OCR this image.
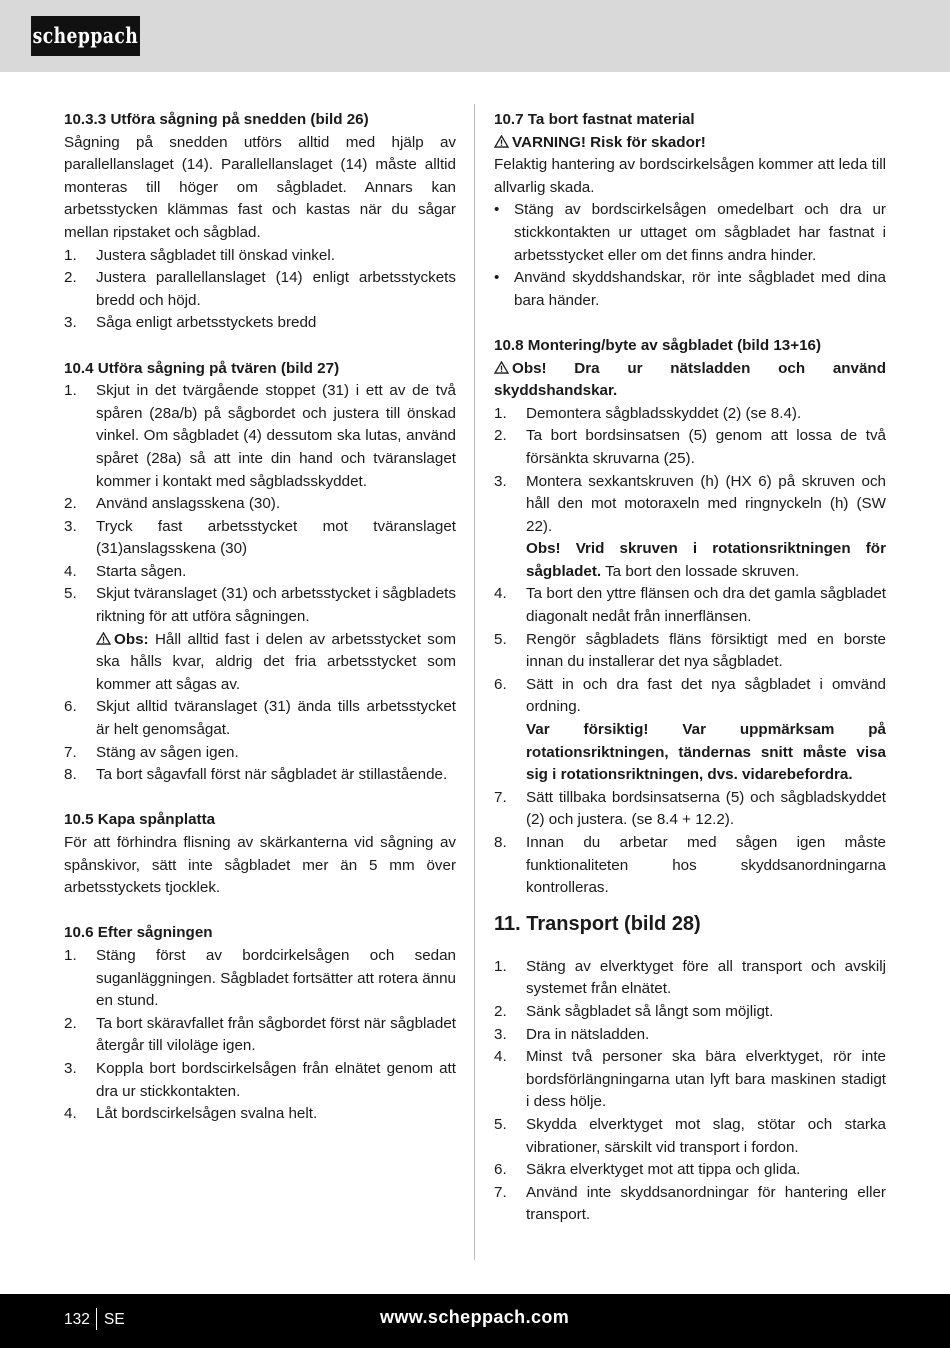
scheppach
10.3.3 Utföra sågning på snedden (bild 26)

Sågning på snedden utförs alltid med hjälp av parallellanslaget (14). Parallellanslaget (14) måste alltid monteras till höger om sågbladet. Annars kan arbetsstycken klämmas fast och kastas när du sågar mellan ripstaket och sågblad.

1. Justera sågbladet till önskad vinkel.
2. Justera parallellanslaget (14) enligt arbetsstyckets bredd och höjd.
3. Såga enligt arbetsstyckets bredd
10.4 Utföra sågning på tvären (bild 27)
1. Skjut in det tvärgående stoppet (31) i ett av de två spåren (28a/b) på sågbordet och justera till önskad vinkel. Om sågbladet (4) dessutom ska lutas, använd spåret (28a) så att inte din hand och tväranslaget kommer i kontakt med sågbladsskyddet.
2. Använd anslagsskena (30).
3. Tryck fast arbetsstycket mot tväranslaget (31)anslagsskena (30)
4. Starta sågen.
5. Skjut tväranslaget (31) och arbetsstycket i sågbladets riktning för att utföra sågningen.
Obs: Håll alltid fast i delen av arbetsstycket som ska hålls kvar, aldrig det fria arbetsstycket som kommer att sågas av.
6. Skjut alltid tväranslaget (31) ända tills arbetsstycket är helt genomsågat.
7. Stäng av sågen igen.
8. Ta bort sågavfall först när sågbladet är stillastående.
10.5 Kapa spånplatta

För att förhindra flisning av skärkanterna vid sågning av spånskivor, sätt inte sågbladet mer än 5 mm över arbetsstyckets tjocklek.

10.6 Efter sågningen
1. Stäng först av bordcirkelsågen och sedan suganläggningen. Sågbladet fortsätter att rotera ännu en stund.
2. Ta bort skäravfallet från sågbordet först när sågbladet återgår till viloläge igen.
3. Koppla bort bordscirkelsågen från elnätet genom att dra ur stickkontakten.
4. Låt bordscirkelsågen svalna helt.
10.7 Ta bort fastnat material
VARNING! Risk för skador!

Felaktig hantering av bordscirkelsågen kommer att leda till allvarlig skada.

• Stäng av bordscirkelsågen omedelbart och dra ur stickkontakten ur uttaget om sågbladet har fastnat i arbetsstycket eller om det finns andra hinder.
• Använd skyddshandskar, rör inte sågbladet med dina bara händer.
10.8 Montering/byte av sågbladet (bild 13+16)
Obs! Dra ur nätsladden och använd skyddshandskar.
1. Demontera sågbladsskyddet (2) (se 8.4).
2. Ta bort bordsinsatsen (5) genom att lossa de två försänkta skruvarna (25).
3. Montera sexkantskruven (h) (HX 6) på skruven och håll den mot motoraxeln med ringnyckeln (h) (SW 22).
Obs! Vrid skruven i rotationsriktningen för sågbladet. Ta bort den lossade skruven.
4. Ta bort den yttre flänsen och dra det gamla sågbladet diagonalt nedåt från innerflänsen.
5. Rengör sågbladets fläns försiktigt med en borste innan du installerar det nya sågbladet.
6. Sätt in och dra fast det nya sågbladet i omvänd ordning.
Var försiktig! Var uppmärksam på rotationsriktningen, tändernas snitt måste visa sig i rotationsriktningen, dvs. vidarebefordra.
7. Sätt tillbaka bordsinsatserna (5) och sågbladskyddet (2) och justera. (se 8.4 + 12.2).
8. Innan du arbetar med sågen igen måste funktionaliteten hos skyddsanordningarna kontrolleras.
11. Transport (bild 28)
1. Stäng av elverktyget före all transport och avskilj systemet från elnätet.
2. Sänk sågbladet så långt som möjligt.
3. Dra in nätsladden.
4. Minst två personer ska bära elverktyget, rör inte bordsförlängningarna utan lyft bara maskinen stadigt i dess hölje.
5. Skydda elverktyget mot slag, stötar och starka vibrationer, särskilt vid transport i fordon.
6. Säkra elverktyget mot att tippa och glida.
7. Använd inte skyddsanordningar för hantering eller transport.
132 SE	www.scheppach.com
